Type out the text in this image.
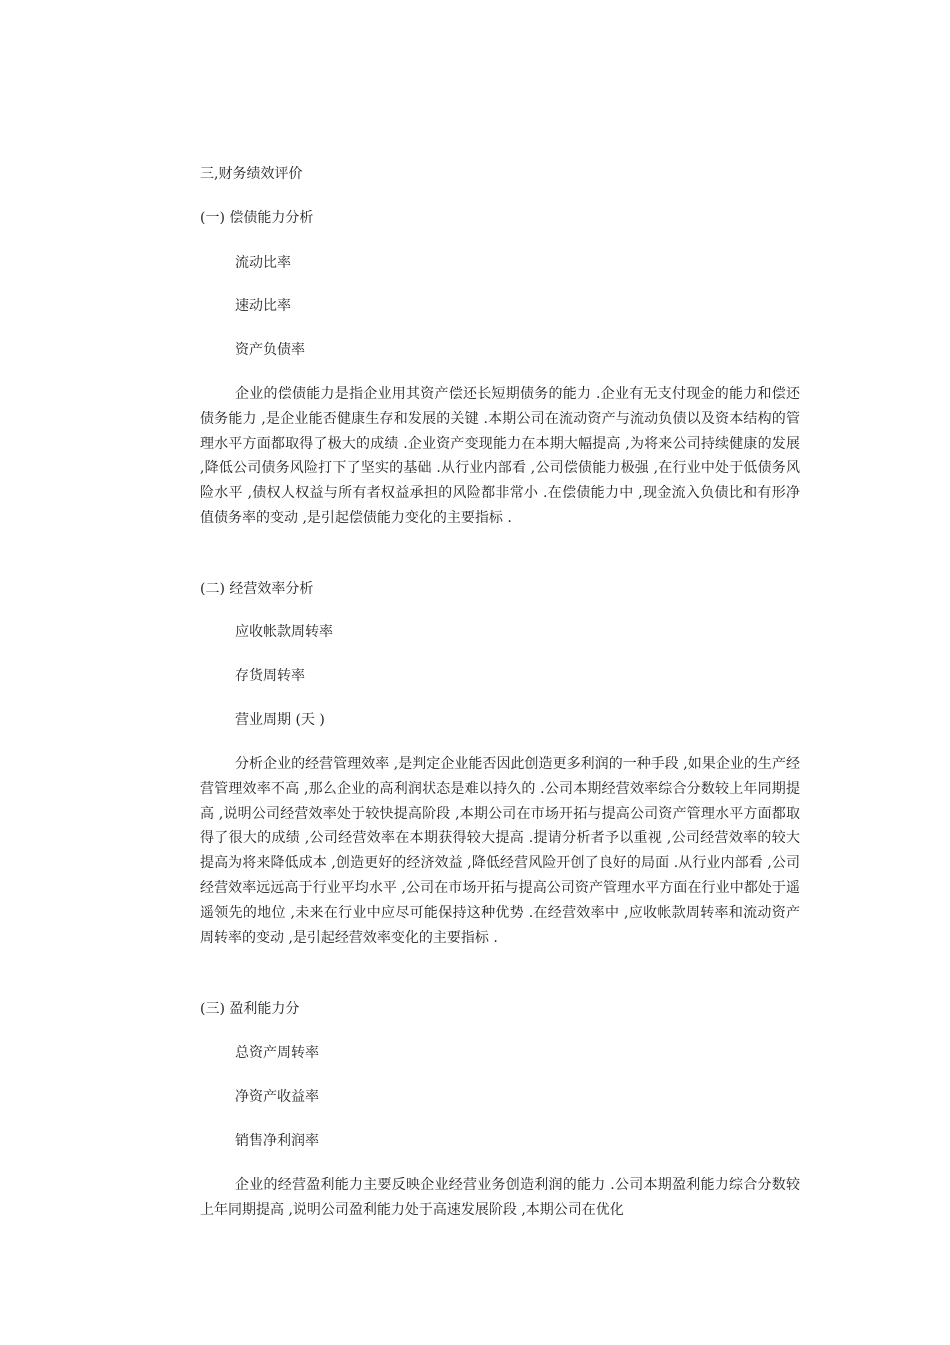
三,财务绩效评价
(一) 偿债能力分析
流动比率
速动比率
资产负债率

企业的偿债能力是指企业用其资产偿还长短期债务的能力 .企业有无支付现金的能力和偿还债务能力 ,是企业能否健康生存和发展的关键 .本期公司在流动资产与流动负债以及资本结构的管理水平方面都取得了极大的成绩 .企业资产变现能力在本期大幅提高 ,为将来公司持续健康的发展 ,降低公司债务风险打下了坚实的基础 .从行业内部看 ,公司偿债能力极强 ,在行业中处于低债务风险水平 ,债权人权益与所有者权益承担的风险都非常小 .在偿债能力中 ,现金流入负债比和有形净值债务率的变动 ,是引起偿债能力变化的主要指标 .

(二) 经营效率分析
应收帐款周转率
存货周转率
营业周期 (天 )

分析企业的经营管理效率 ,是判定企业能否因此创造更多利润的一种手段 ,如果企业的生产经营管理效率不高 ,那么企业的高利润状态是难以持久的 .公司本期经营效率综合分数较上年同期提高 ,说明公司经营效率处于较快提高阶段 ,本期公司在市场开拓与提高公司资产管理水平方面都取得了很大的成绩 ,公司经营效率在本期获得较大提高 .提请分析者予以重视 ,公司经营效率的较大提高为将来降低成本 ,创造更好的经济效益 ,降低经营风险开创了良好的局面 .从行业内部看 ,公司经营效率远远高于行业平均水平 ,公司在市场开拓与提高公司资产管理水平方面在行业中都处于遥遥领先的地位 ,未来在行业中应尽可能保持这种优势 .在经营效率中 ,应收帐款周转率和流动资产周转率的变动 ,是引起经营效率变化的主要指标 .

(三) 盈利能力分
总资产周转率
净资产收益率
销售净利润率

企业的经营盈利能力主要反映企业经营业务创造利润的能力 .公司本期盈利能力综合分数较上年同期提高 ,说明公司盈利能力处于高速发展阶段 ,本期公司在优化
